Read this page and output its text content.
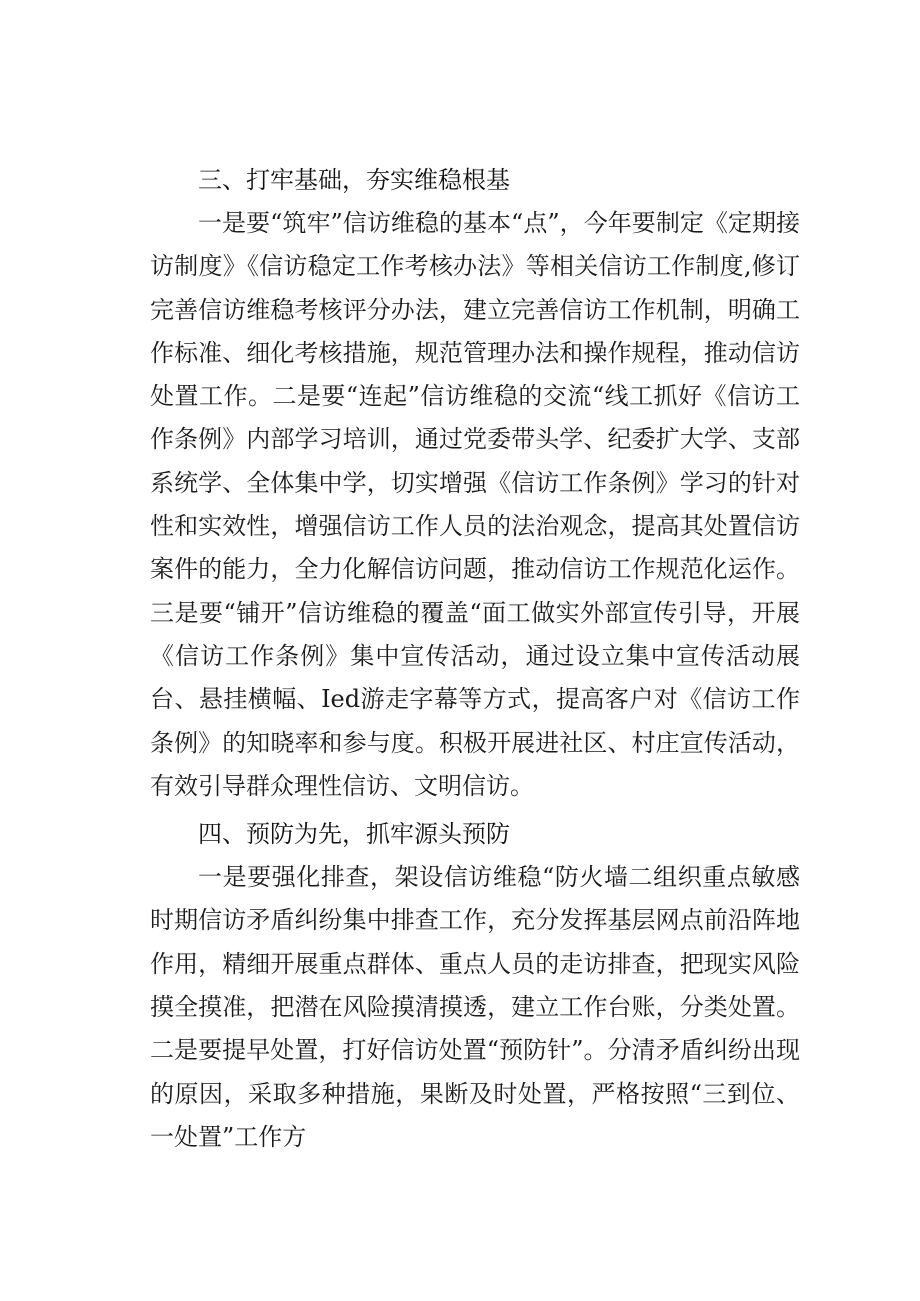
三、打牢基础，夯实维稳根基

一是要“筑牢”信访维稳的基本“点”，今年要制定《定期接访制度》《信访稳定工作考核办法》等相关信访工作制度,修订完善信访维稳考核评分办法，建立完善信访工作机制，明确工作标准、细化考核措施，规范管理办法和操作规程，推动信访处置工作。二是要“连起”信访维稳的交流“线工抓好《信访工作条例》内部学习培训，通过党委带头学、纪委扩大学、支部系统学、全体集中学，切实增强《信访工作条例》学习的针对性和实效性，增强信访工作人员的法治观念，提高其处置信访案件的能力，全力化解信访问题，推动信访工作规范化运作。三是要“铺开”信访维稳的覆盖“面工做实外部宣传引导，开展《信访工作条例》集中宣传活动，通过设立集中宣传活动展台、悬挂横幅、Ied游走字幕等方式，提高客户对《信访工作条例》的知晓率和参与度。积极开展进社区、村庄宣传活动，有效引导群众理性信访、文明信访。

四、预防为先，抓牢源头预防

一是要强化排查，架设信访维稳“防火墙二组织重点敏感时期信访矛盾纠纷集中排查工作，充分发挥基层网点前沿阵地作用，精细开展重点群体、重点人员的走访排查，把现实风险摸全摸准，把潜在风险摸清摸透，建立工作台账，分类处置。二是要提早处置，打好信访处置“预防针”。分清矛盾纠纷出现的原因，采取多种措施，果断及时处置，严格按照“三到位、一处置”工作方
